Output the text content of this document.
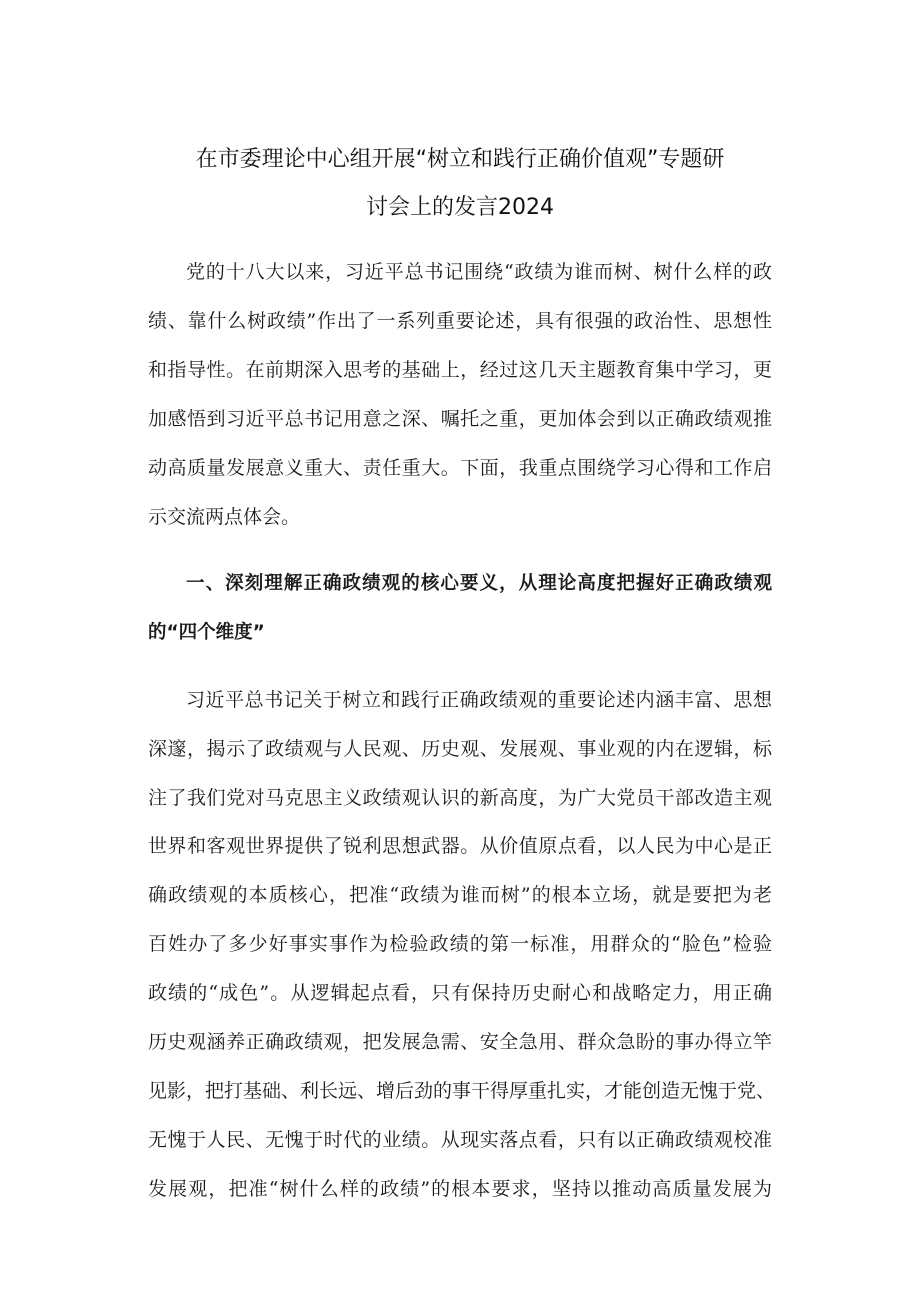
在市委理论中心组开展“树立和践行正确价值观”专题研
讨会上的发言2024
党的十八大以来，习近平总书记围绕“政绩为谁而树、树什么样的政
绩、靠什么树政绩”作出了一系列重要论述，具有很强的政治性、思想性
和指导性。在前期深入思考的基础上，经过这几天主题教育集中学习，更
加感悟到习近平总书记用意之深、嘱托之重，更加体会到以正确政绩观推
动高质量发展意义重大、责任重大。下面，我重点围绕学习心得和工作启
示交流两点体会。
一、深刻理解正确政绩观的核心要义，从理论高度把握好正确政绩观
的“四个维度”
习近平总书记关于树立和践行正确政绩观的重要论述内涵丰富、思想
深邃，揭示了政绩观与人民观、历史观、发展观、事业观的内在逻辑，标
注了我们党对马克思主义政绩观认识的新高度，为广大党员干部改造主观
世界和客观世界提供了锐利思想武器。从价值原点看，以人民为中心是正
确政绩观的本质核心，把准“政绩为谁而树”的根本立场，就是要把为老
百姓办了多少好事实事作为检验政绩的第一标准，用群众的“脸色”检验
政绩的“成色”。从逻辑起点看，只有保持历史耐心和战略定力，用正确
历史观涵养正确政绩观，把发展急需、安全急用、群众急盼的事办得立竿
见影，把打基础、利长远、增后劲的事干得厚重扎实，才能创造无愧于党、
无愧于人民、无愧于时代的业绩。从现实落点看，只有以正确政绩观校准
发展观，把准“树什么样的政绩”的根本要求，坚持以推动高质量发展为
